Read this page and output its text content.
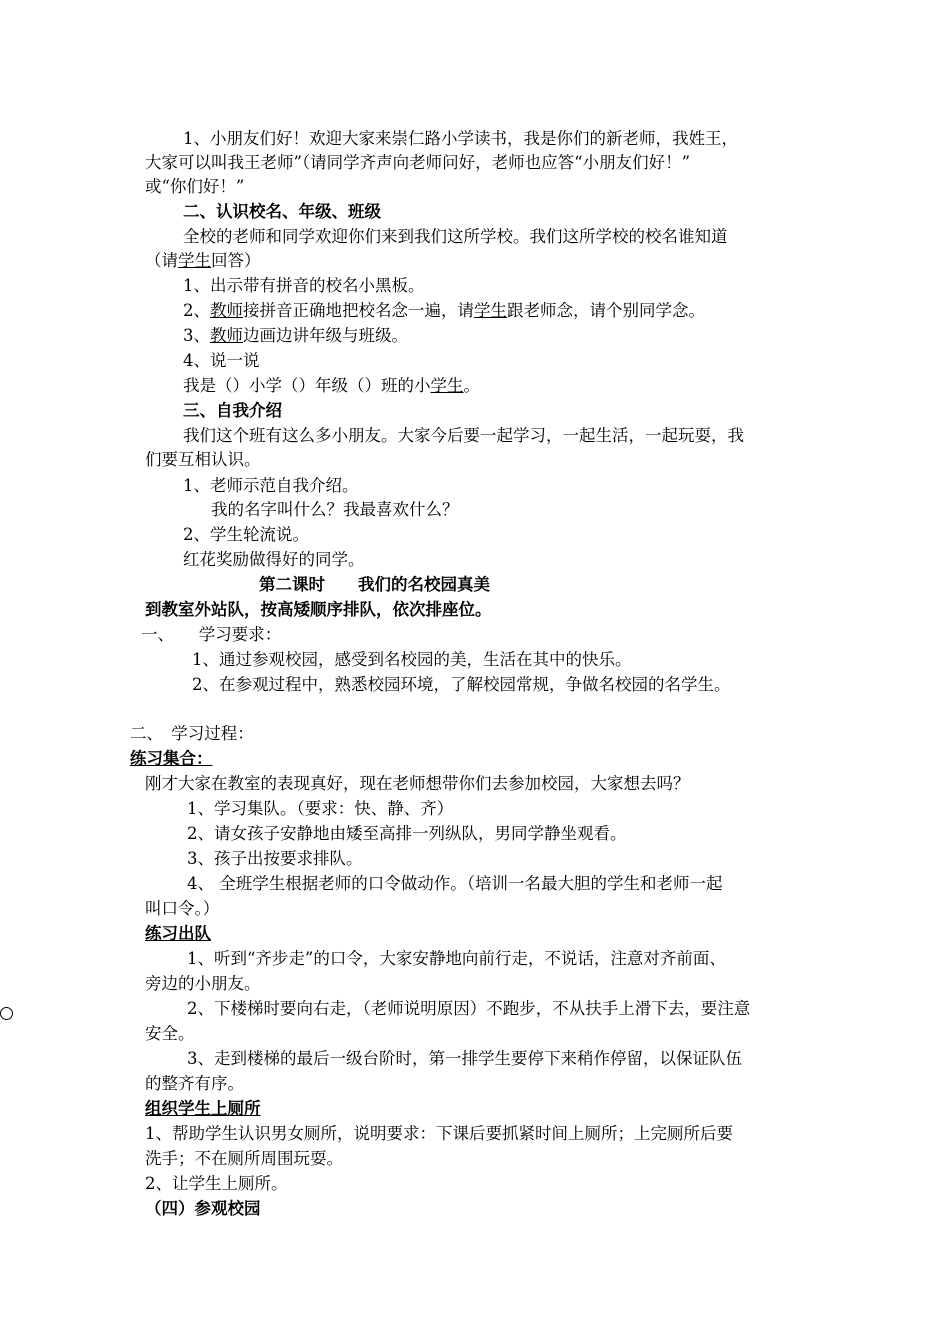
1、小朋友们好！欢迎大家来崇仁路小学读书，我是你们的新老师，我姓王，
大家可以叫我王老师”（请同学齐声向老师问好，老师也应答“小朋友们好！”
或“你们好！”
二、认识校名、年级、班级
全校的老师和同学欢迎你们来到我们这所学校。我们这所学校的校名谁知道
（请学生回答）
1、出示带有拼音的校名小黑板。
2、教师接拼音正确地把校名念一遍，请学生跟老师念，请个别同学念。
3、教师边画边讲年级与班级。
4、说一说
我是（）小学（）年级（）班的小学生。
三、自我介绍
我们这个班有这么多小朋友。大家今后要一起学习，一起生活，一起玩耍，我
们要互相认识。
1、老师示范自我介绍。
我的名字叫什么？我最喜欢什么？
2、学生轮流说。
红花奖励做得好的同学。
第二课时　　我们的名校园真美
到教室外站队，按高矮顺序排队，依次排座位。
一、　　学习要求：
1、通过参观校园，感受到名校园的美，生活在其中的快乐。
2、在参观过程中，熟悉校园环境，了解校园常规，争做名校园的名学生。
二、　学习过程：
练习集合：
刚才大家在教室的表现真好，现在老师想带你们去参加校园，大家想去吗？
1、学习集队。（要求：快、静、齐）
2、请女孩子安静地由矮至高排一列纵队，男同学静坐观看。
3、孩子出按要求排队。
4、 全班学生根据老师的口令做动作。（培训一名最大胆的学生和老师一起
叫口令。）
练习出队
1、听到“齐步走”的口令，大家安静地向前行走，不说话，注意对齐前面、
旁边的小朋友。
2、下楼梯时要向右走，（老师说明原因）不跑步，不从扶手上滑下去，要注意
安全。
3、走到楼梯的最后一级台阶时，第一排学生要停下来稍作停留，以保证队伍
的整齐有序。
组织学生上厕所
1、帮助学生认识男女厕所，说明要求：下课后要抓紧时间上厕所；上完厕所后要
洗手；不在厕所周围玩耍。
2、让学生上厕所。
（四）参观校园
